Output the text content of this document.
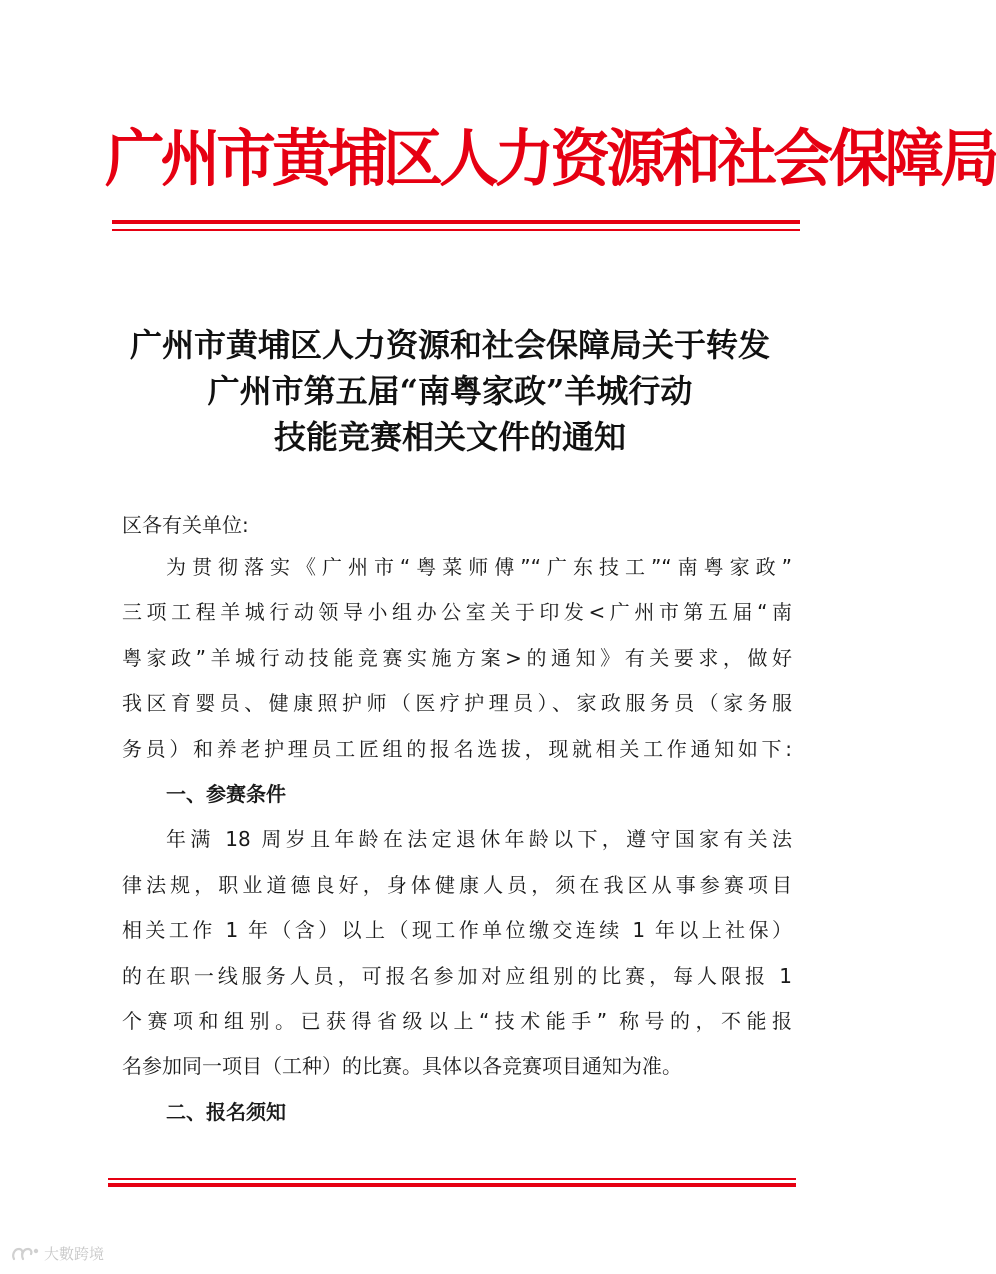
广州市黄埔区人力资源和社会保障局
广州市黄埔区人力资源和社会保障局关于转发
广州市第五届“南粤家政”羊城行动
技能竞赛相关文件的通知
区各有关单位:
为贯彻落实《广州市“粤菜师傅”“广东技工”“南粤家政”
三项工程羊城行动领导小组办公室关于印发<广州市第五届“南
粤家政”羊城行动技能竞赛实施方案>的通知》有关要求，做好
我区育婴员、健康照护师（医疗护理员）、家政服务员（家务服
务员）和养老护理员工匠组的报名选拔，现就相关工作通知如下:
一、参赛条件
年满 18 周岁且年龄在法定退休年龄以下，遵守国家有关法
律法规，职业道德良好，身体健康人员，须在我区从事参赛项目
相关工作 1 年（含）以上（现工作单位缴交连续 1 年以上社保）
的在职一线服务人员，可报名参加对应组别的比赛，每人限报 1
个赛项和组别。已获得省级以上“技术能手” 称号的，不能报
名参加同一项目（工种）的比赛。具体以各竞赛项目通知为准。
二、报名须知
大數跨境
